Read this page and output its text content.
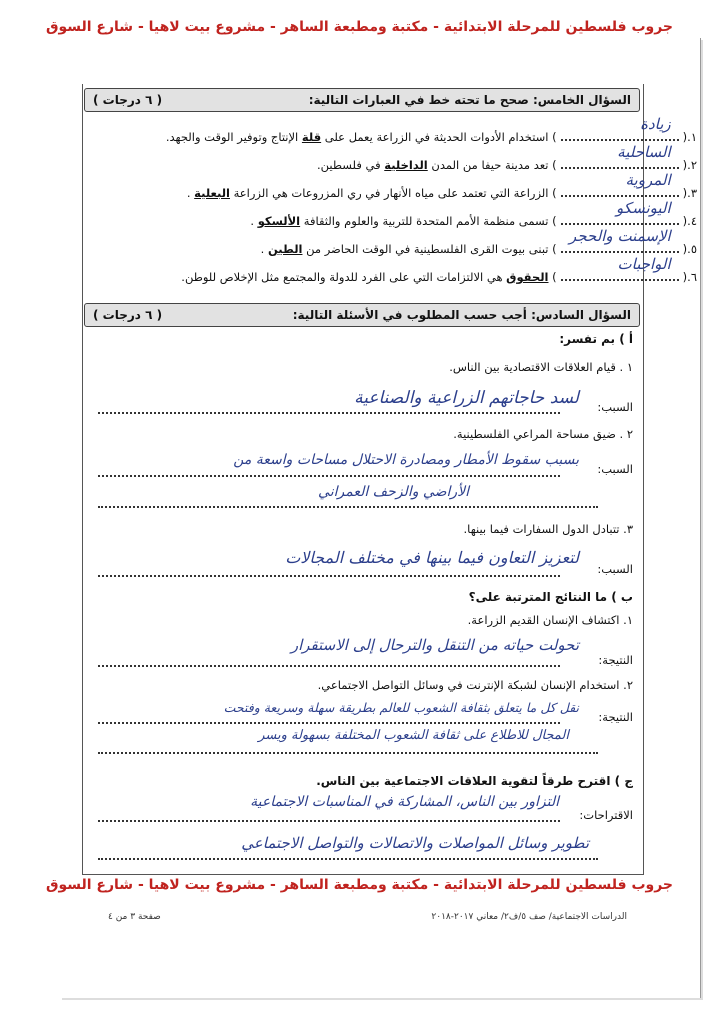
جروب فلسطين للمرحلة الابتدائية - مكتبة ومطبعة الساهر - مشروع بيت لاهيا - شارع السوق
السؤال الخامس: صحح ما تحته خط في العبارات التالية:
( ٦ درجات )
١.(
زيادة
) استخدام الأدوات الحديثة في الزراعة يعمل على قلة الإنتاج وتوفير الوقت والجهد.
٢.(
الساحلية
) تعد مدينة حيفا من المدن الداخلية في فلسطين.
٣.(
المروية
) الزراعة التي تعتمد على مياه الأنهار في ري المزروعات هي الزراعة البعلية .
٤.(
اليونسكو
) تسمى منظمة الأمم المتحدة للتربية والعلوم والثقافة الألسكو .
٥.(
الإسمنت والحجر
) تبنى بيوت القرى الفلسطينية في الوقت الحاضر من الطين .
٦.(
الواجبات
) الحقوق هي الالتزامات التي على الفرد للدولة والمجتمع مثل الإخلاص للوطن.
السؤال السادس: أجب حسب المطلوب في الأسئلة التالية:
( ٦ درجات )
أ ) بم تفسر:
١ . قيام العلاقات الاقتصادية بين الناس.
السبب:
لسد حاجاتهم الزراعية والصناعية
٢ . ضيق مساحة المراعي الفلسطينية.
السبب:
بسبب سقوط الأمطار ومصادرة الاحتلال مساحات واسعة من
الأراضي والزحف العمراني
٣. تتبادل الدول السفارات فيما بينها.
السبب:
لتعزيز التعاون فيما بينها في مختلف المجالات
ب ) ما النتائج المترتبة على؟
١. اكتشاف الإنسان القديم الزراعة.
النتيجة:
تحولت حياته من التنقل والترحال إلى الاستقرار
٢. استخدام الإنسان لشبكة الإنترنت في وسائل التواصل الاجتماعي.
النتيجة:
نقل كل ما يتعلق بثقافة الشعوب للعالم بطريقة سهلة وسريعة وفتحت
المجال للاطلاع على ثقافة الشعوب المختلفة بسهولة ويسر
ج ) اقترح طرقاً لتقوية العلاقات الاجتماعية بين الناس.
الاقتراحات:
التزاور بين الناس، المشاركة في المناسبات الاجتماعية
تطوير وسائل المواصلات والاتصالات والتواصل الاجتماعي
جروب فلسطين للمرحلة الابتدائية - مكتبة ومطبعة الساهر - مشروع بيت لاهيا - شارع السوق
صفحة ٣ من ٤	الدراسات الاجتماعية/ صف ٥/ف٢/ معاني ٢٠١٧-٢٠١٨
